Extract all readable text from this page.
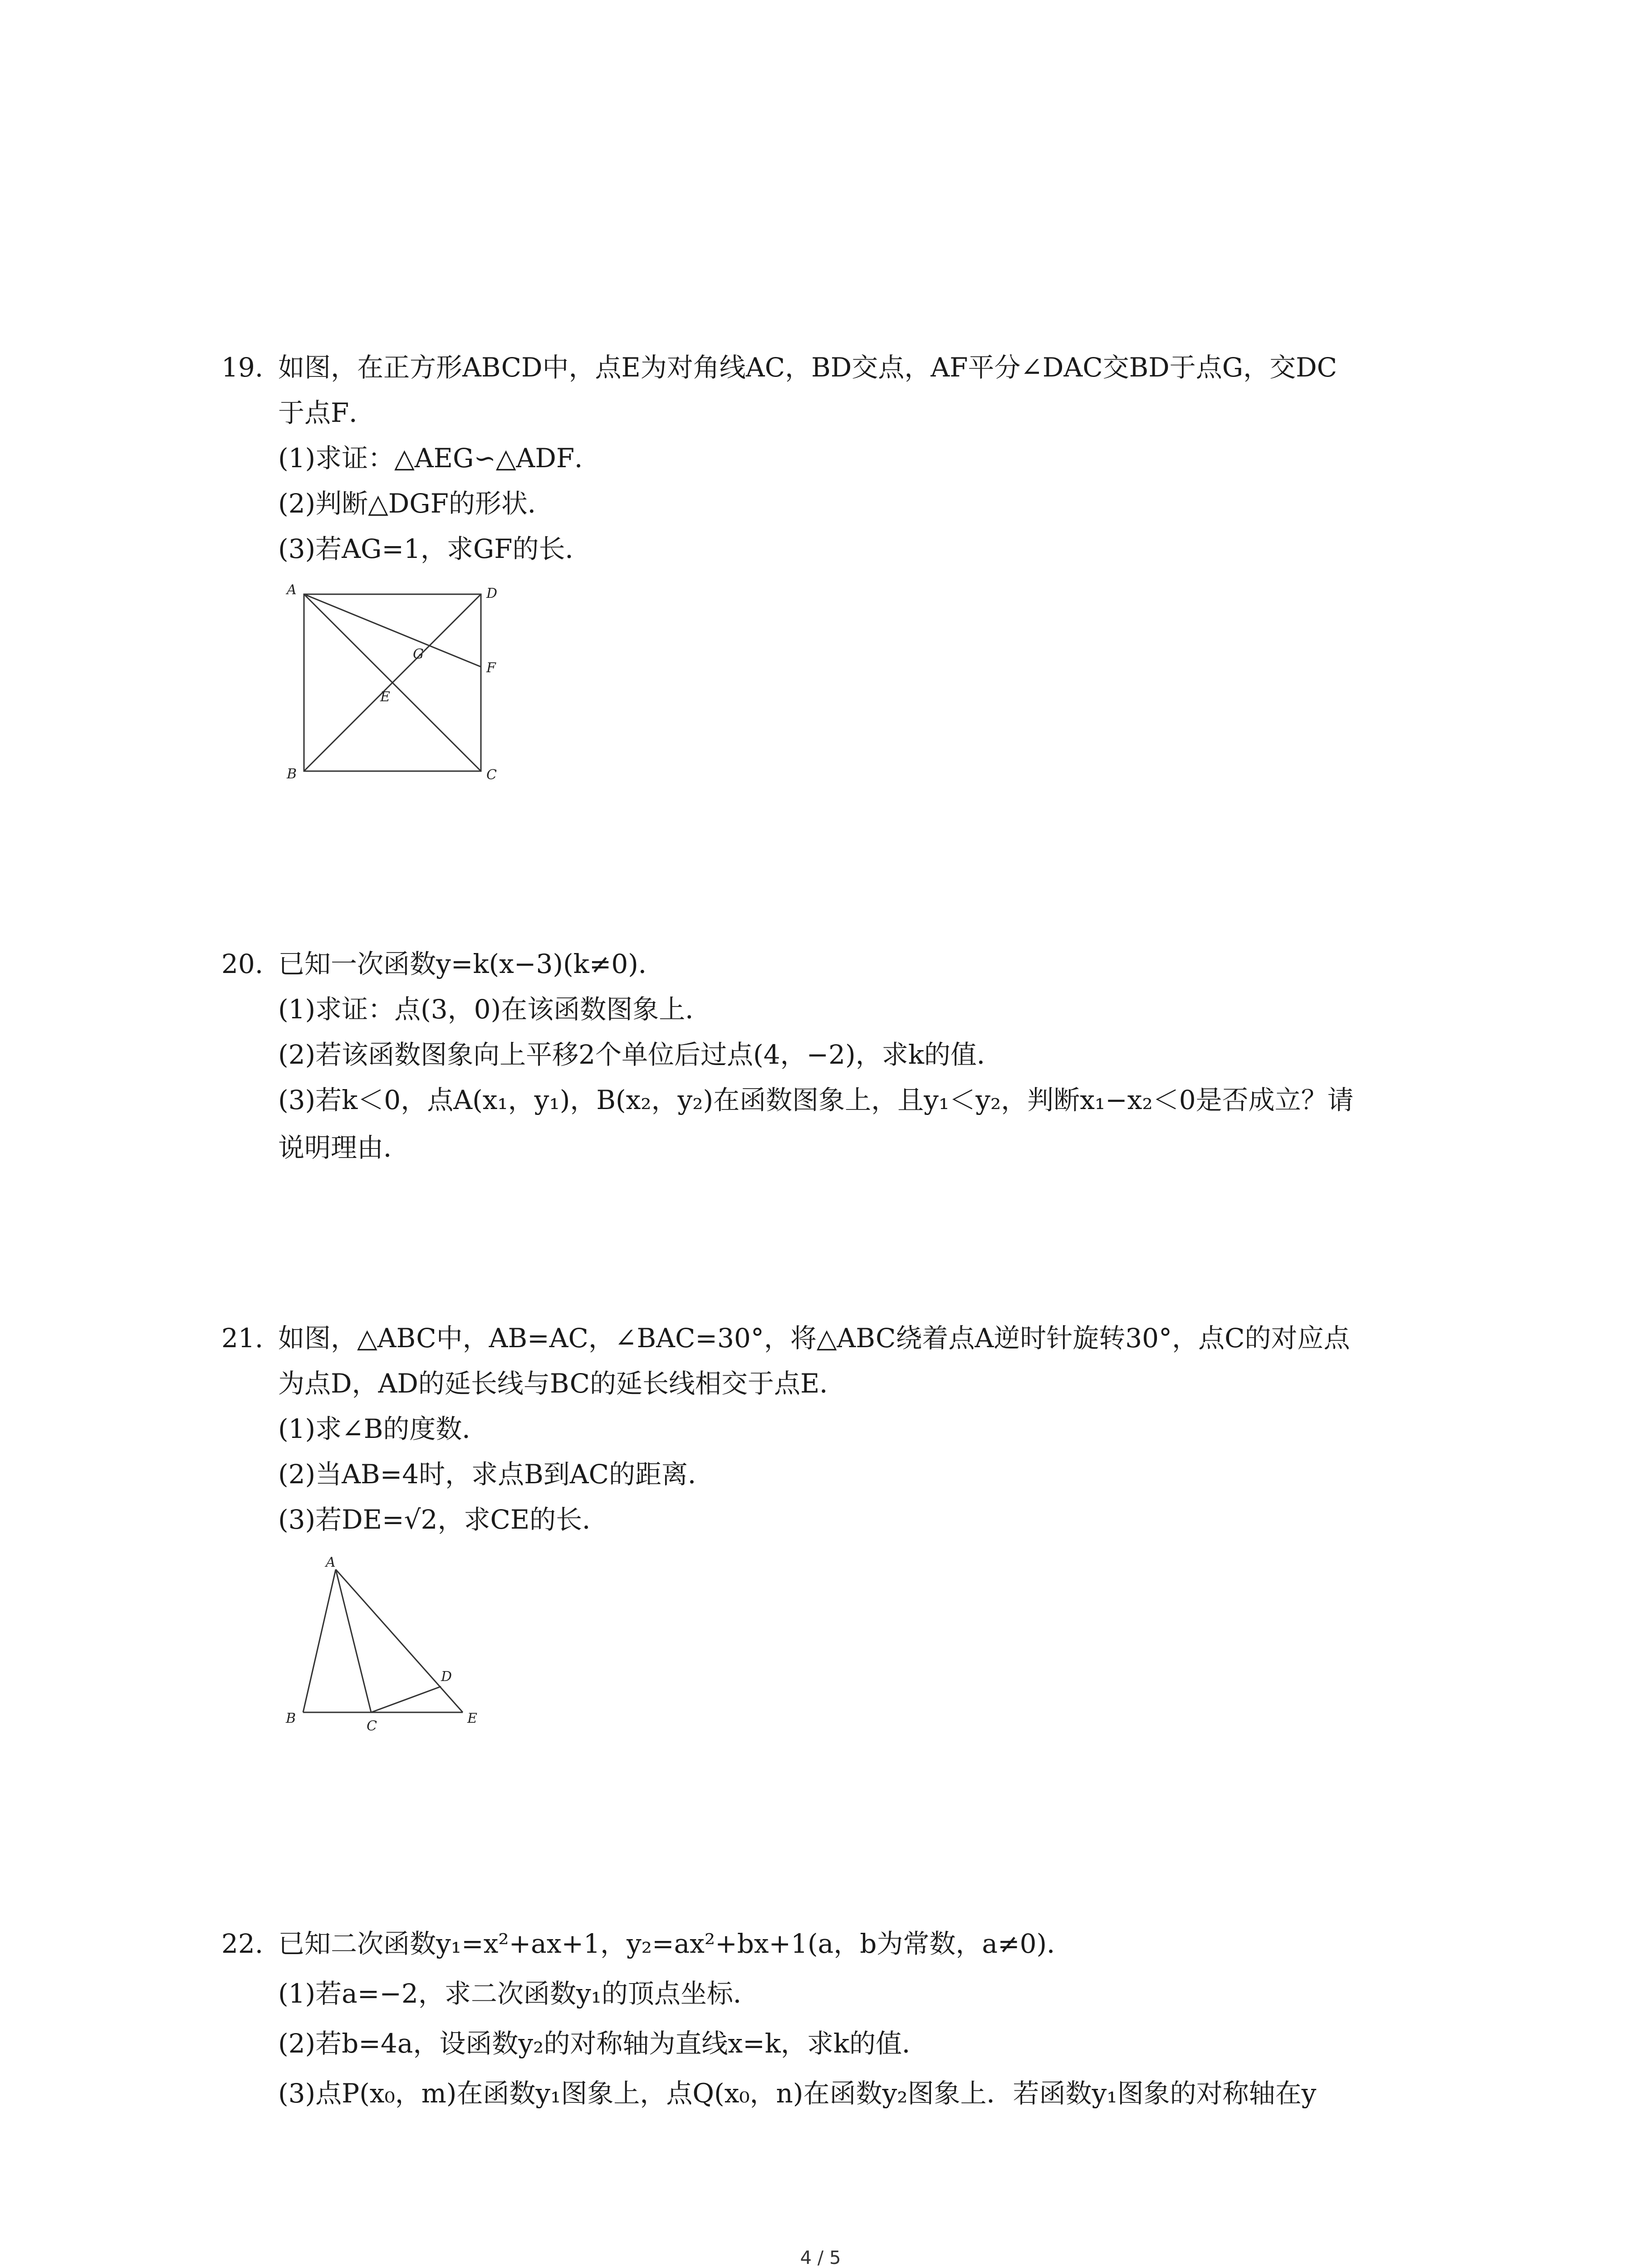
19. 如图，在正方形ABCD中，点E为对角线AC，BD交点，AF平分∠DAC交BD于点G，交DC
于点F．
(1)求证：△AEG∽△ADF．
(2)判断△DGF的形状．
(3)若AG=1，求GF的长．
A	D
B	C
F
G
E
20. 已知一次函数y=k(x−3)(k≠0)．
(1)求证：点(3，0)在该函数图象上．
(2)若该函数图象向上平移2个单位后过点(4，−2)，求k的值．
(3)若k＜0，点A(x₁，y₁)，B(x₂，y₂)在函数图象上，且y₁＜y₂，判断x₁−x₂＜0是否成立？请
说明理由．
21. 如图，△ABC中，AB=AC，∠BAC=30°，将△ABC绕着点A逆时针旋转30°，点C的对应点
为点D，AD的延长线与BC的延长线相交于点E．
(1)求∠B的度数．
(2)当AB=4时，求点B到AC的距离．
(3)若DE=√2，求CE的长．
A
B	C
D
E
22. 已知二次函数y₁=x²+ax+1，y₂=ax²+bx+1(a，b为常数，a≠0)．
(1)若a=−2，求二次函数y₁的顶点坐标．
(2)若b=4a，设函数y₂的对称轴为直线x=k，求k的值．
(3)点P(x₀，m)在函数y₁图象上，点Q(x₀，n)在函数y₂图象上．若函数y₁图象的对称轴在y
4 / 5
